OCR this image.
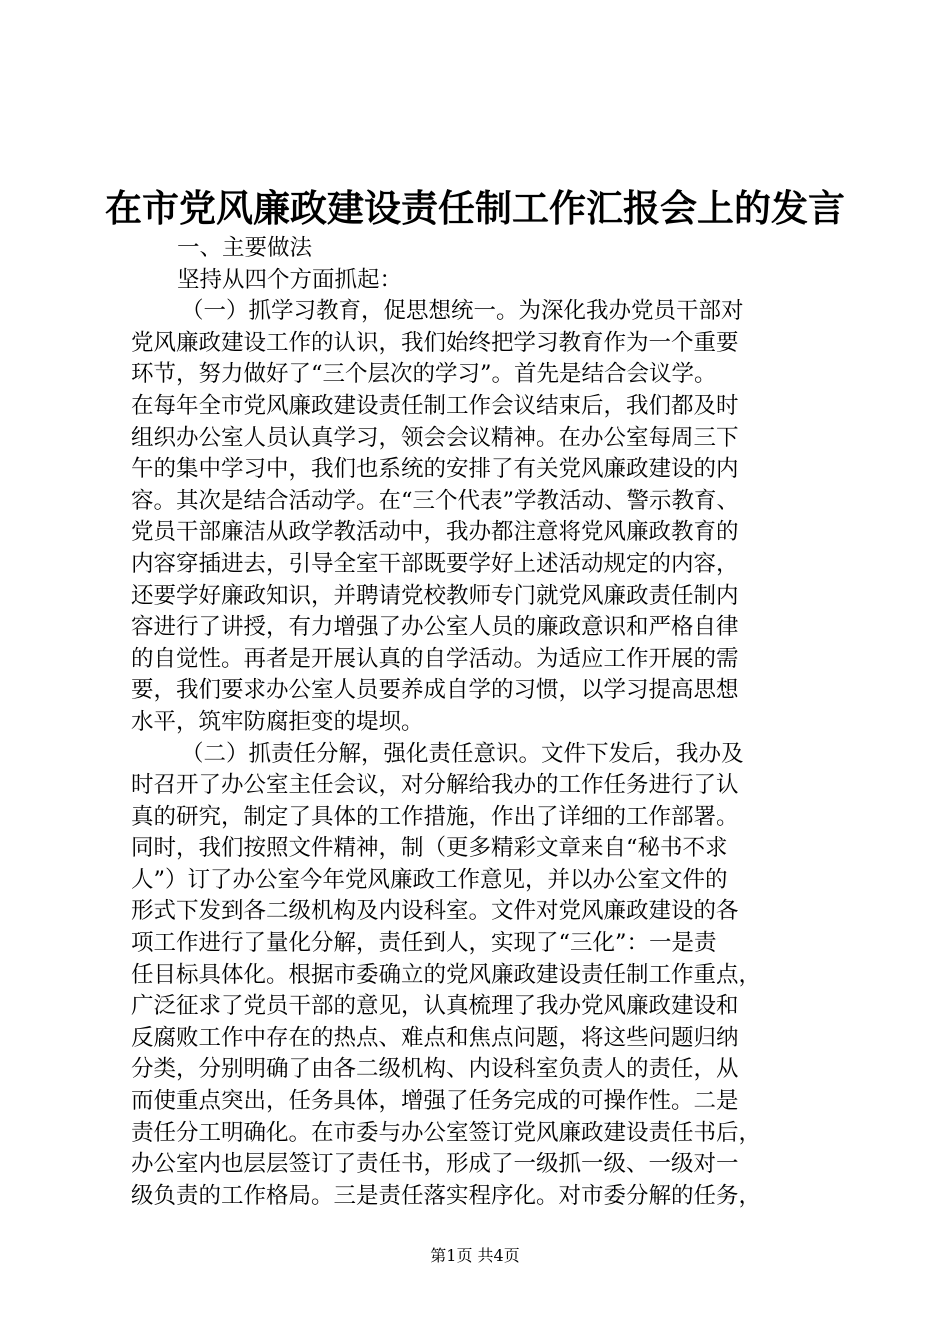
在市党风廉政建设责任制工作汇报会上的发言
一、主要做法
坚持从四个方面抓起：
（一）抓学习教育，促思想统一。为深化我办党员干部对
党风廉政建设工作的认识，我们始终把学习教育作为一个重要
环节，努力做好了“三个层次的学习”。首先是结合会议学。
在每年全市党风廉政建设责任制工作会议结束后，我们都及时
组织办公室人员认真学习，领会会议精神。在办公室每周三下
午的集中学习中，我们也系统的安排了有关党风廉政建设的内
容。其次是结合活动学。在“三个代表”学教活动、警示教育、
党员干部廉洁从政学教活动中，我办都注意将党风廉政教育的
内容穿插进去，引导全室干部既要学好上述活动规定的内容，
还要学好廉政知识，并聘请党校教师专门就党风廉政责任制内
容进行了讲授，有力增强了办公室人员的廉政意识和严格自律
的自觉性。再者是开展认真的自学活动。为适应工作开展的需
要，我们要求办公室人员要养成自学的习惯，以学习提高思想
水平，筑牢防腐拒变的堤坝。
（二）抓责任分解，强化责任意识。文件下发后，我办及
时召开了办公室主任会议，对分解给我办的工作任务进行了认
真的研究，制定了具体的工作措施，作出了详细的工作部署。
同时，我们按照文件精神，制（更多精彩文章来自“秘书不求
人”）订了办公室今年党风廉政工作意见，并以办公室文件的
形式下发到各二级机构及内设科室。文件对党风廉政建设的各
项工作进行了量化分解，责任到人，实现了“三化”：一是责
任目标具体化。根据市委确立的党风廉政建设责任制工作重点，
广泛征求了党员干部的意见，认真梳理了我办党风廉政建设和
反腐败工作中存在的热点、难点和焦点问题，将这些问题归纳
分类，分别明确了由各二级机构、内设科室负责人的责任，从
而使重点突出，任务具体，增强了任务完成的可操作性。二是
责任分工明确化。在市委与办公室签订党风廉政建设责任书后，
办公室内也层层签订了责任书，形成了一级抓一级、一级对一
级负责的工作格局。三是责任落实程序化。对市委分解的任务，
第1页 共4页
